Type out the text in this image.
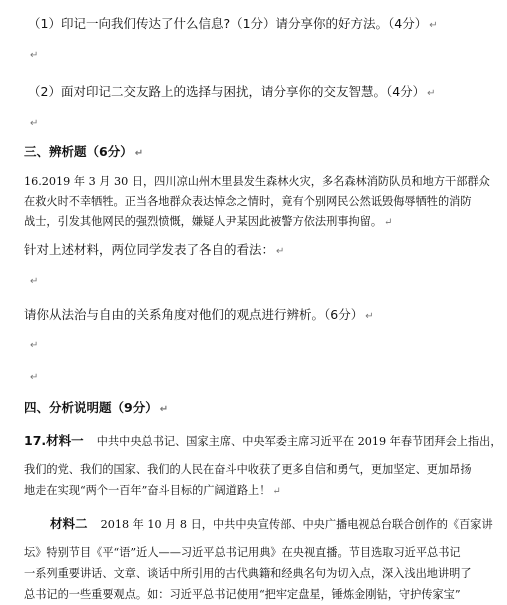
（1）印记一向我们传达了什么信息?（1分）请分享你的好方法。（4分） ↵
↵
（2）面对印记二交友路上的选择与困扰，请分享你的交友智慧。（4分） ↵
↵
三、辨析题（6分） ↵
16.2019 年 3 月 30 日，四川凉山州木里县发生森林火灾，多名森林消防队员和地方干部群众
在救火时不幸牺牲。正当各地群众表达悼念之情时，竟有个别网民公然诋毁侮辱牺牲的消防
战士，引发其他网民的强烈愤慨，嫌疑人尹某因此被警方依法刑事拘留。 ↵
针对上述材料，两位同学发表了各自的看法： ↵
↵
请你从法治与自由的关系角度对他们的观点进行辨析。（6分） ↵
↵
↵
四、分析说明题（9分） ↵
17.材料一 中共中央总书记、国家主席、中央军委主席习近平在 2019 年春节团拜会上指出，
我们的党、我们的国家、我们的人民在奋斗中收获了更多自信和勇气，更加坚定、更加昂扬
地走在实现“两个一百年”奋斗目标的广阔道路上！ ↵
材料二 2018 年 10 月 8 日，中共中央宣传部、中央广播电视总台联合创作的《百家讲
坛》特别节目《平“语”近人——习近平总书记用典》在央视直播。节目选取习近平总书记
一系列重要讲话、文章、谈话中所引用的古代典籍和经典名句为切入点，深入浅出地讲明了
总书记的一些重要观点。如：习近平总书记使用“把牢定盘星，锤炼金刚钻，守护传家宝”
